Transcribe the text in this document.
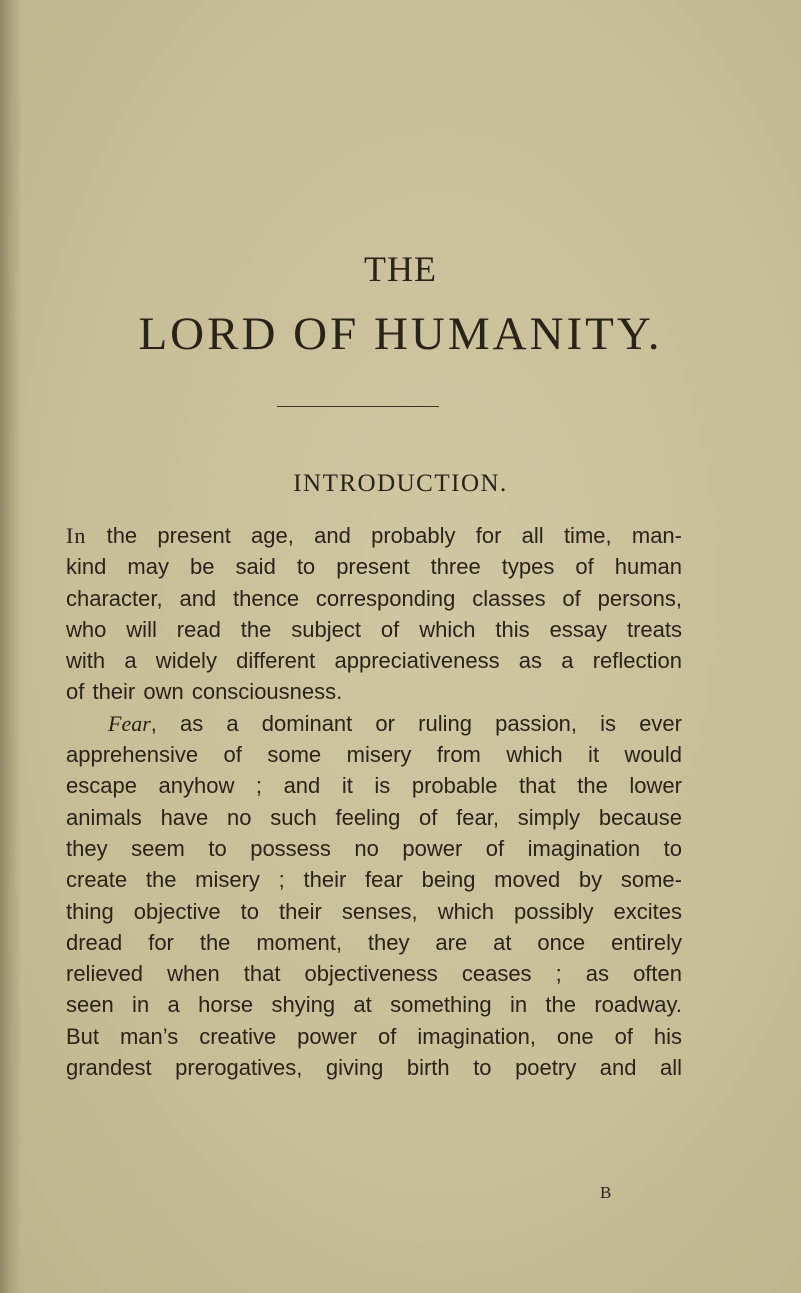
THE
LORD OF HUMANITY.
INTRODUCTION.
In the present age, and probably for all time, man-
kind may be said to present three types of human
character, and thence corresponding classes of persons,
who will read the subject of which this essay treats
with a widely different appreciativeness as a reflection
of their own consciousness.
Fear, as a dominant or ruling passion, is ever
apprehensive of some misery from which it would
escape anyhow ; and it is probable that the lower
animals have no such feeling of fear, simply because
they seem to possess no power of imagination to
create the misery ; their fear being moved by some-
thing objective to their senses, which possibly excites
dread for the moment, they are at once entirely
relieved when that objectiveness ceases ; as often
seen in a horse shying at something in the roadway.
But man’s creative power of imagination, one of his
grandest prerogatives, giving birth to poetry and all

B
